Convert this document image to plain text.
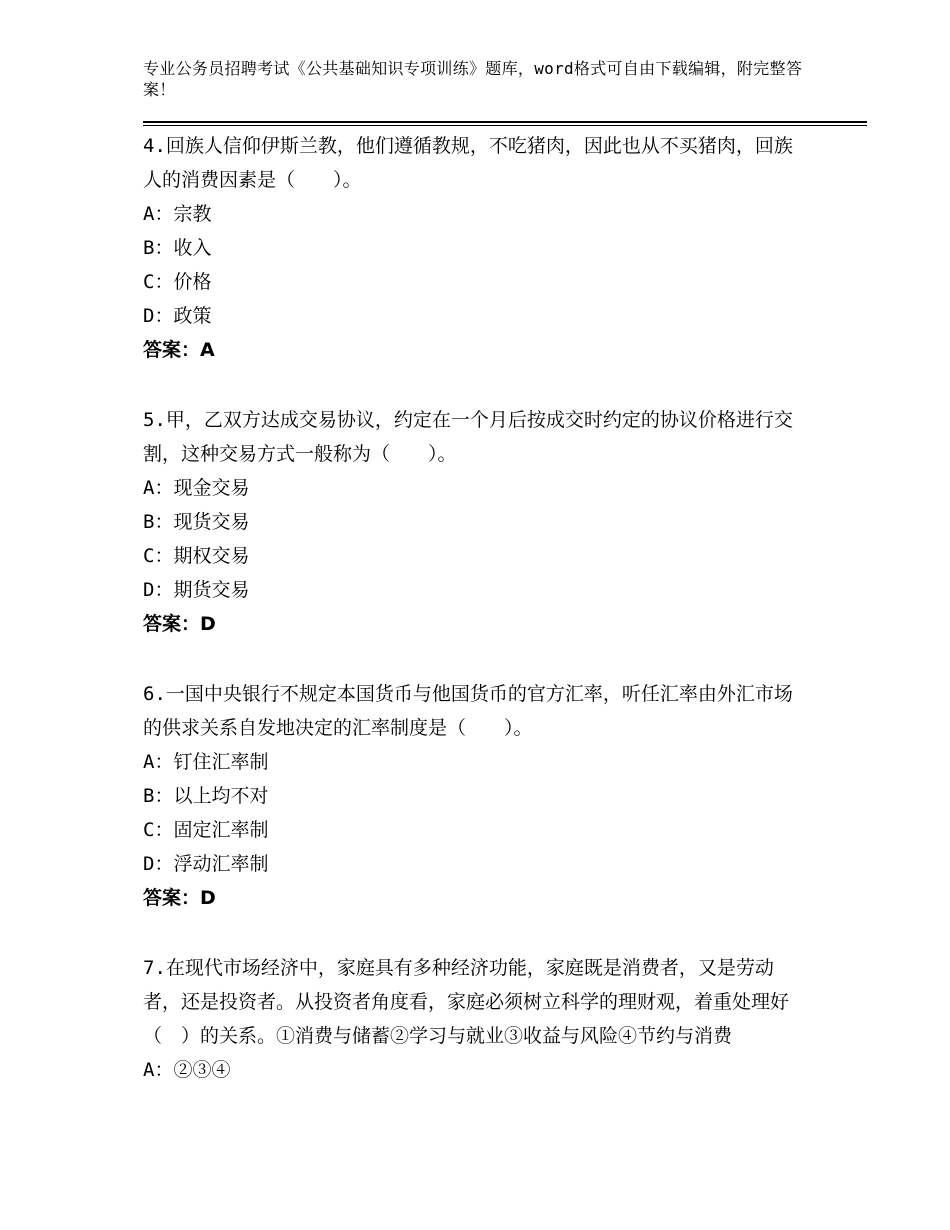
专业公务员招聘考试《公共基础知识专项训练》题库，word格式可自由下载编辑，附完整答案！

4.回族人信仰伊斯兰教，他们遵循教规，不吃猪肉，因此也从不买猪肉，回族人的消费因素是（　　）。

A：宗教

B：收入

C：价格

D：政策

答案：A

5.甲，乙双方达成交易协议，约定在一个月后按成交时约定的协议价格进行交割，这种交易方式一般称为（　　）。

A：现金交易

B：现货交易

C：期权交易

D：期货交易

答案：D

6.一国中央银行不规定本国货币与他国货币的官方汇率，听任汇率由外汇市场的供求关系自发地决定的汇率制度是（　　）。

A：钉住汇率制

B：以上均不对

C：固定汇率制

D：浮动汇率制

答案：D

7.在现代市场经济中，家庭具有多种经济功能，家庭既是消费者，又是劳动者，还是投资者。从投资者角度看，家庭必须树立科学的理财观，着重处理好（　）的关系。①消费与储蓄②学习与就业③收益与风险④节约与消费

A：②③④
